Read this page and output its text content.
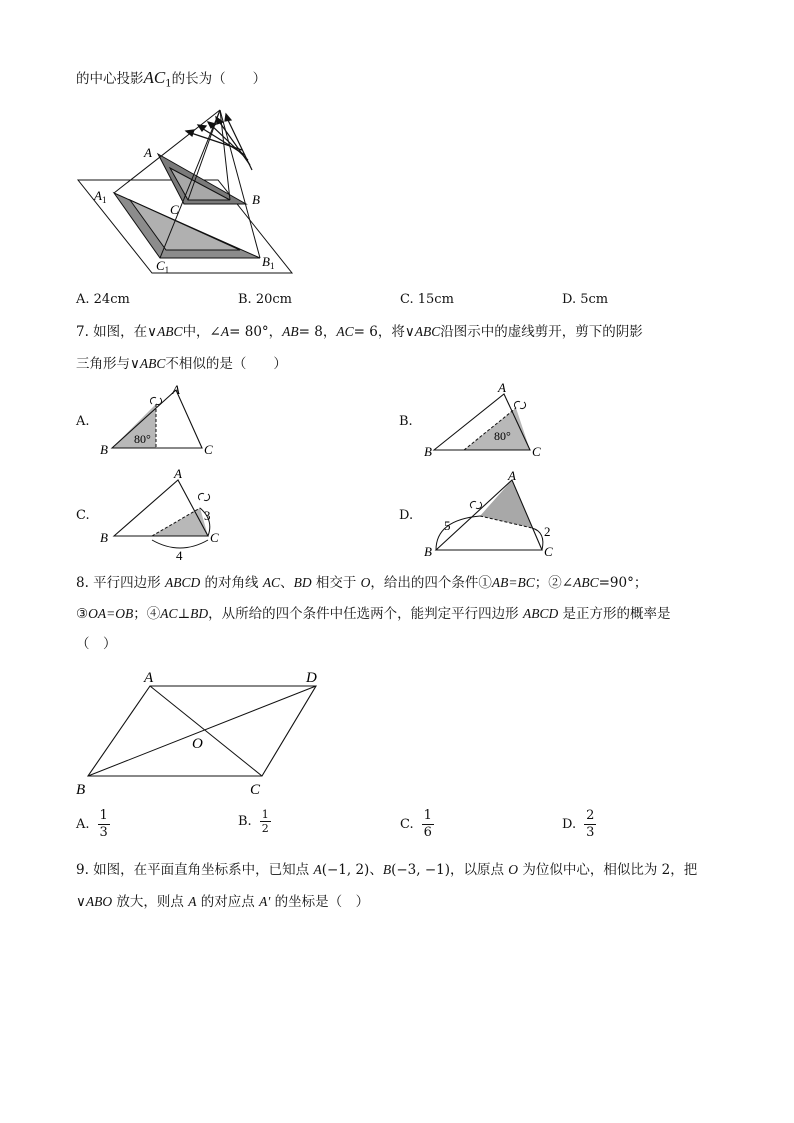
的中心投影$AC_1$的长为（　　）
A
$A_1$	B
$B_1$
C
$C_1$
A. 24cm	B. 20cm	C. 15cm	D. 5cm
7. 如图，在∨ABC中，∠A= 80°，AB= 8，AC= 6，将∨ABC沿图示中的虚线剪开，剪下的阴影
三角形与∨ABC不相似的是（　　）
A.
80°
B
A
C
B.
80°
B
A
C
C.	3
4
B
A
C
D.
5	2
B
A
C
8. 平行四边形 ABCD 的对角线 AC、BD 相交于 O，给出的四个条件①AB=BC；②∠ABC=90°；
③OA=OB；④AC⊥BD，从所给的四个条件中任选两个，能判定平行四边形 ABCD 是正方形的概率是
（　）
A	D
B	C
O
A. $\frac{1}{3}$	B. $\frac{1}{2}$	C. $\frac{1}{6}$	D. $\frac{2}{3}$
9. 如图，在平面直角坐标系中，已知点 A(−1, 2)、B(−3, −1)，以原点 O 为位似中心，相似比为 2，把
∨ABO 放大，则点 A 的对应点 A′ 的坐标是（　）
